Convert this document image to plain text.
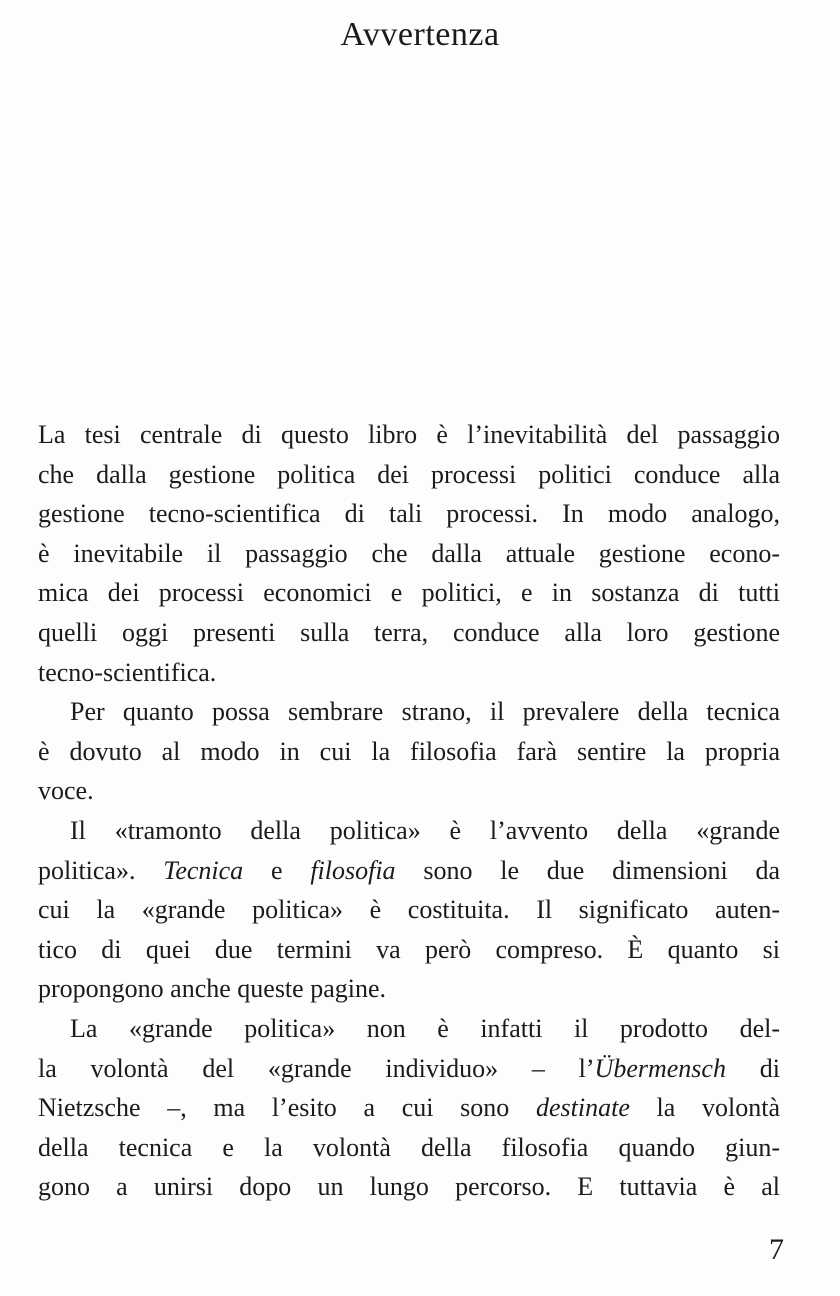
Avvertenza
La tesi centrale di questo libro è l’inevitabilità del passaggio
che dalla gestione politica dei processi politici conduce alla
gestione tecno-scientifica di tali processi. In modo analogo,
è inevitabile il passaggio che dalla attuale gestione econo-
mica dei processi economici e politici, e in sostanza di tutti
quelli oggi presenti sulla terra, conduce alla loro gestione
tecno-scientifica.
Per quanto possa sembrare strano, il prevalere della tecnica
è dovuto al modo in cui la filosofia farà sentire la propria
voce.
Il «tramonto della politica» è l’avvento della «grande
politica». Tecnica e filosofia sono le due dimensioni da
cui la «grande politica» è costituita. Il significato auten-
tico di quei due termini va però compreso. È quanto si
propongono anche queste pagine.
La «grande politica» non è infatti il prodotto del-
la volontà del «grande individuo» – l’Übermensch di
Nietzsche –, ma l’esito a cui sono destinate la volontà
della tecnica e la volontà della filosofia quando giun-
gono a unirsi dopo un lungo percorso. E tuttavia è al
7
